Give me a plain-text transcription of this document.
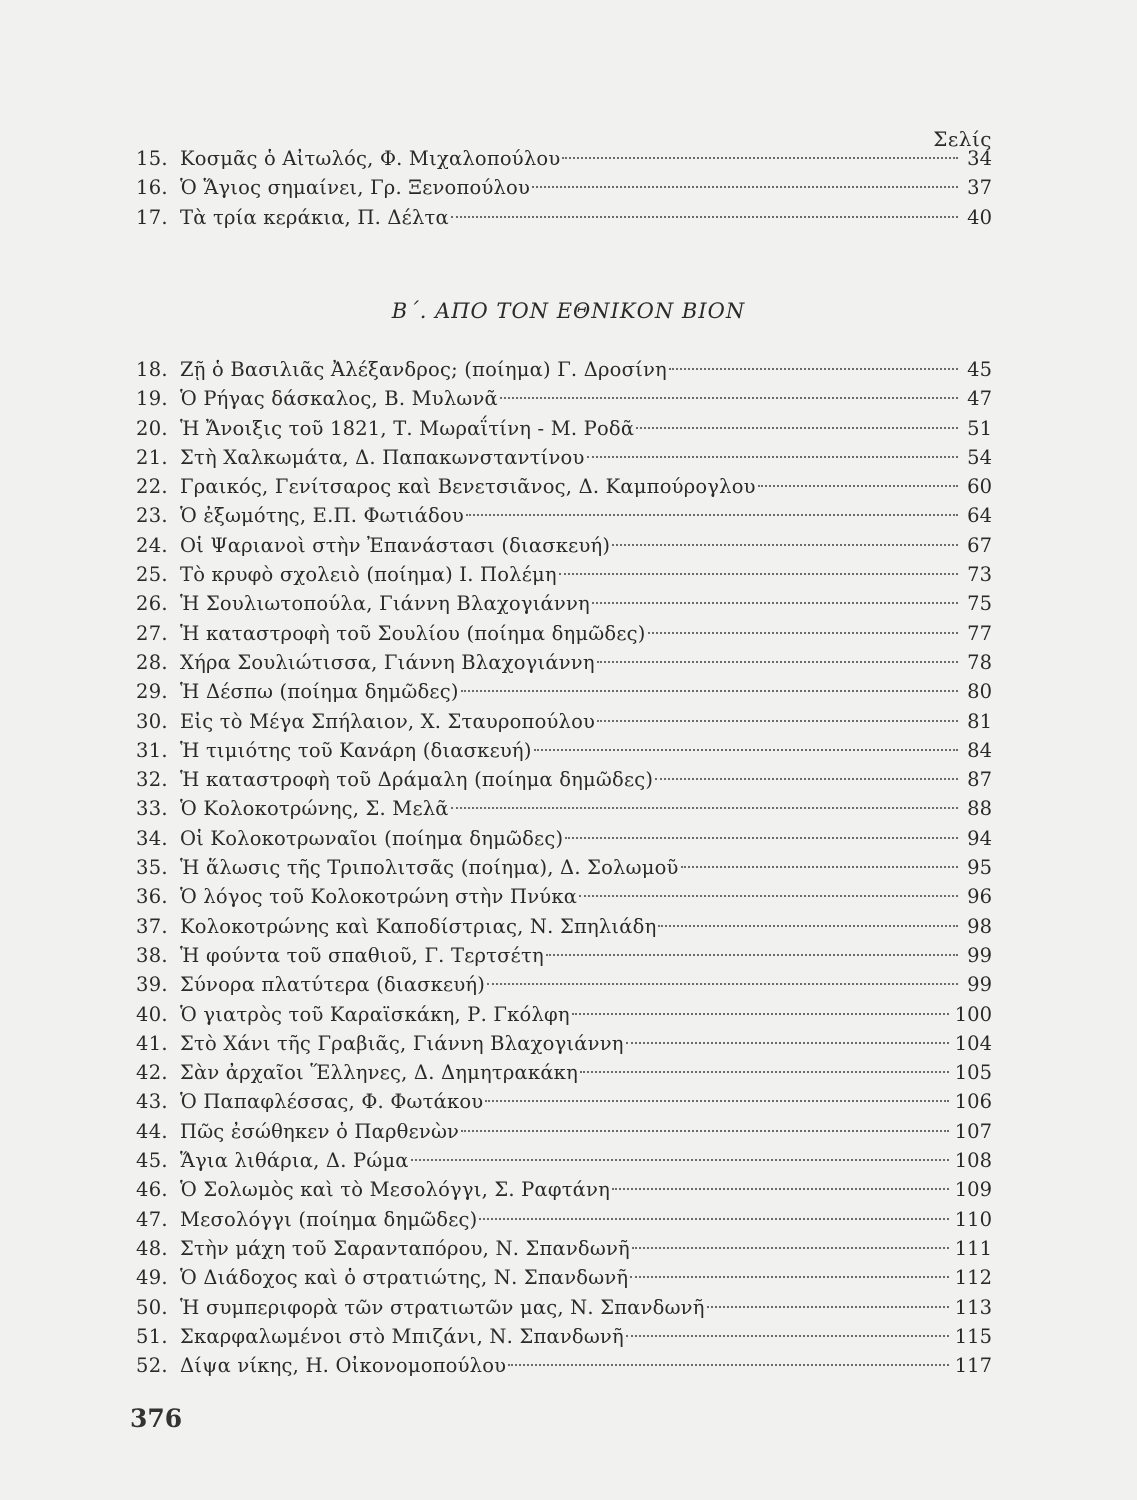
Σελίς
15. Κοσμᾶς ὁ Αἰτωλός, Φ. Μιχαλοπούλου	34
16. Ὁ Ἅγιος σημαίνει, Γρ. Ξενοπούλου	37
17. Τὰ τρία κεράκια, Π. Δέλτα	40
Β΄. ΑΠΟ ΤΟΝ ΕΘΝΙΚΟΝ ΒΙΟΝ
18. Ζῇ ὁ Βασιλιᾶς Ἀλέξανδρος; (ποίημα) Γ. Δροσίνη	45
19. Ὁ Ρήγας δάσκαλος, Β. Μυλωνᾶ	47
20. Ἡ Ἄνοιξις τοῦ 1821, Τ. Μωραΐτίνη - Μ. Ροδᾶ	51
21. Στὴ Χαλκωμάτα, Δ. Παπακωνσταντίνου	54
22. Γραικός, Γενίτσαρος καὶ Βενετσιᾶνος, Δ. Καμπούρογλου	60
23. Ὁ ἐξωμότης, Ε.Π. Φωτιάδου	64
24. Οἱ Ψαριανοὶ στὴν Ἐπανάστασι (διασκευή)	67
25. Τὸ κρυφὸ σχολειὸ (ποίημα) Ι. Πολέμη	73
26. Ἡ Σουλιωτοπούλα, Γιάννη Βλαχογιάννη	75
27. Ἡ καταστροφὴ τοῦ Σουλίου (ποίημα δημῶδες)	77
28. Χήρα Σουλιώτισσα, Γιάννη Βλαχογιάννη	78
29. Ἡ Δέσπω (ποίημα δημῶδες)	80
30. Εἰς τὸ Μέγα Σπήλαιον, Χ. Σταυροπούλου	81
31. Ἡ τιμιότης τοῦ Κανάρη (διασκευή)	84
32. Ἡ καταστροφὴ τοῦ Δράμαλη (ποίημα δημῶδες)	87
33. Ὁ Κολοκοτρώνης, Σ. Μελᾶ	88
34. Οἱ Κολοκοτρωναῖοι (ποίημα δημῶδες)	94
35. Ἡ ἅλωσις τῆς Τριπολιτσᾶς (ποίημα), Δ. Σολωμοῦ	95
36. Ὁ λόγος τοῦ Κολοκοτρώνη στὴν Πνύκα	96
37. Κολοκοτρώνης καὶ Καποδίστριας, Ν. Σπηλιάδη	98
38. Ἡ φούντα τοῦ σπαθιοῦ, Γ. Τερτσέτη	99
39. Σύνορα πλατύτερα (διασκευή)	99
40. Ὁ γιατρὸς τοῦ Καραϊσκάκη, Ρ. Γκόλφη	100
41. Στὸ Χάνι τῆς Γραβιᾶς, Γιάννη Βλαχογιάννη	104
42. Σὰν ἀρχαῖοι Ἕλληνες, Δ. Δημητρακάκη	105
43. Ὁ Παπαφλέσσας, Φ. Φωτάκου	106
44. Πῶς ἐσώθηκεν ὁ Παρθενὼν	107
45. Ἅγια λιθάρια, Δ. Ρώμα	108
46. Ὁ Σολωμὸς καὶ τὸ Μεσολόγγι, Σ. Ραφτάνη	109
47. Μεσολόγγι (ποίημα δημῶδες)	110
48. Στὴν μάχη τοῦ Σαρανταπόρου, Ν. Σπανδωνῆ	111
49. Ὁ Διάδοχος καὶ ὁ στρατιώτης, Ν. Σπανδωνῆ	112
50. Ἡ συμπεριφορὰ τῶν στρατιωτῶν μας, Ν. Σπανδωνῆ	113
51. Σκαρφαλωμένοι στὸ Μπιζάνι, Ν. Σπανδωνῆ	115
52. Δίψα νίκης, Η. Οἰκονομοπούλου	117
376
